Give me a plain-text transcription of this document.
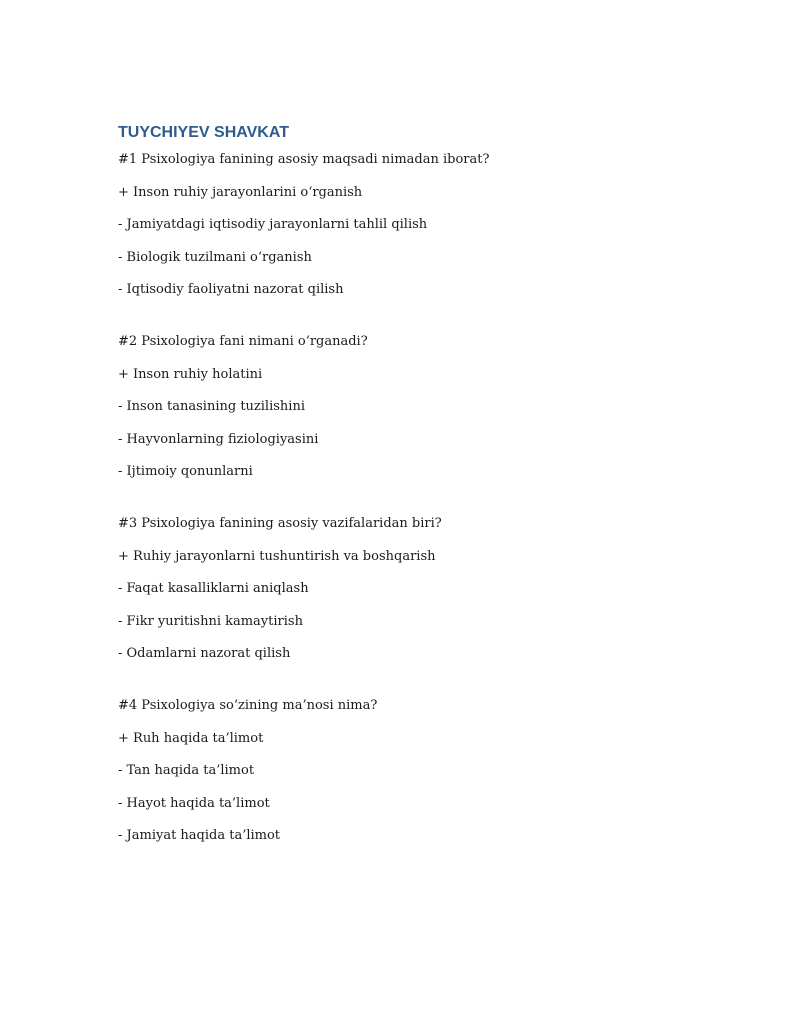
TUYCHIYEV SHAVKAT
#1 Psixologiya fanining asosiy maqsadi nimadan iborat?
+ Inson ruhiy jarayonlarini o‘rganish
- Jamiyatdagi iqtisodiy jarayonlarni tahlil qilish
- Biologik tuzilmani o‘rganish
- Iqtisodiy faoliyatni nazorat qilish
#2 Psixologiya fani nimani o‘rganadi?
+ Inson ruhiy holatini
- Inson tanasining tuzilishini
- Hayvonlarning fiziologiyasini
- Ijtimoiy qonunlarni
#3 Psixologiya fanining asosiy vazifalaridan biri?
+ Ruhiy jarayonlarni tushuntirish va boshqarish
- Faqat kasalliklarni aniqlash
- Fikr yuritishni kamaytirish
- Odamlarni nazorat qilish
#4 Psixologiya so‘zining ma’nosi nima?
+ Ruh haqida ta’limot
- Tan haqida ta’limot
- Hayot haqida ta’limot
- Jamiyat haqida ta’limot
